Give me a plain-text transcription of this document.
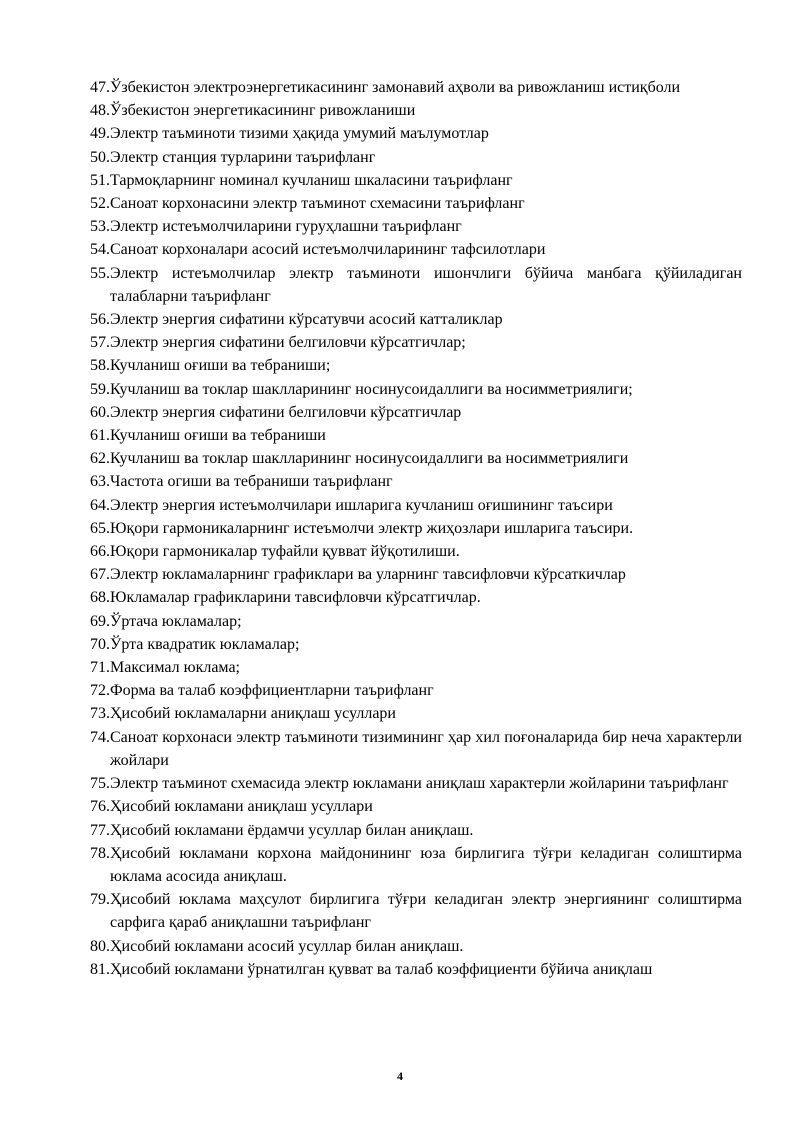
47. Ўзбекистон электроэнергетикасининг замонавий аҳволи ва ривожланиш истиқболи
48. Ўзбекистон энергетикасининг ривожланиши
49. Электр таъминоти тизими ҳақида умумий маълумотлар
50. Электр станция турларини таърифланг
51. Тармоқларнинг номинал кучланиш шкаласини таърифланг
52. Саноат корхонасини электр таъминот схемасини таърифланг
53. Электр истеъмолчиларини гуруҳлашни таърифланг
54. Саноат корхоналари асосий истеъмолчиларининг тафсилотлари
55. Электр истеъмолчилар электр таъминоти ишончлиги бўйича манбага қўйиладиган талабларни таърифланг
56. Электр энергия сифатини кўрсатувчи асосий катталиклар
57. Электр энергия сифатини белгиловчи кўрсатгичлар;
58. Кучланиш оғиши ва тебраниши;
59. Кучланиш ва токлар шаклларининг носинусоидаллиги ва носимметриялиги;
60. Электр энергия сифатини белгиловчи кўрсатгичлар
61. Кучланиш оғиши ва тебраниши
62. Кучланиш ва токлар шаклларининг носинусоидаллиги ва носимметриялиги
63. Частота огиши ва тебраниши таърифланг
64. Электр энергия истеъмолчилари ишларига кучланиш оғишининг таъсири
65. Юқори гармоникаларнинг истеъмолчи электр жиҳозлари ишларига таъсири.
66. Юқори гармоникалар туфайли қувват йўқотилиши.
67. Электр юкламаларнинг графиклари ва уларнинг тавсифловчи кўрсаткичлар
68. Юкламалар графикларини тавсифловчи кўрсатгичлар.
69. Ўртача юкламалар;
70. Ўрта квадратик юкламалар;
71. Максимал юклама;
72. Форма ва талаб коэффициентларни таърифланг
73. Ҳисобий юкламаларни аниқлаш усуллари
74. Саноат корхонаси электр таъминоти тизимининг ҳар хил поғоналарида бир неча характерли жойлари
75. Электр таъминот схемасида электр юкламани аниқлаш характерли жойларини таърифланг
76. Ҳисобий юкламани аниқлаш усуллари
77. Ҳисобий юкламани ёрдамчи усуллар билан аниқлаш.
78. Ҳисобий юкламани корхона майдонининг юза бирлигига тўғри келадиган солиштирма юклама асосида аниқлаш.
79. Ҳисобий юклама маҳсулот бирлигига тўғри келадиган электр энергиянинг солиштирма сарфига қараб аниқлашни таърифланг
80. Ҳисобий юкламани асосий усуллар билан аниқлаш.
81. Ҳисобий юкламани ўрнатилган қувват ва талаб коэффициенти бўйича аниқлаш
4
